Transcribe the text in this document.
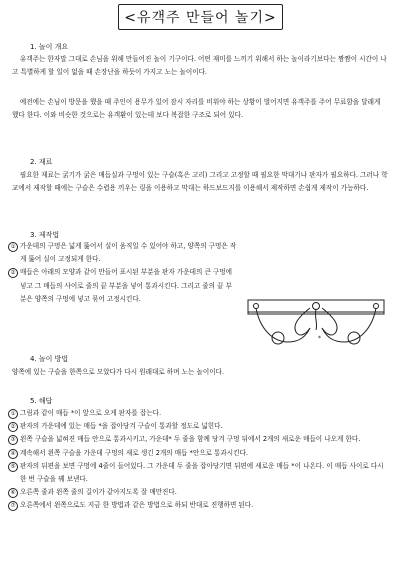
<유객주 만들어 놀기>
1. 놀이 개요

유객주는 한자말 그대로 손님을 위해 만들어진 놀이 기구이다. 어떤 재미를 느끼기 위해서 하는 놀이라기보다는 짬짬이 시간이 나고 특별하게 할 일이 없을 때 손장난을 하듯이 가지고 노는 놀이이다.

예전에는 손님이 방문을 했을 때 주인이 용무가 있어 잠시 자리를 비워야 하는 상황이 벌어지면 유객주를 주어 무료함을 달래게 했다 한다. 이와 비슷한 것으로는 유객환이 있는데 보다 복잡한 구조로 되어 있다.

2. 재료

필요한 재료는 굵기가 굵은 매듭실과 구멍이 있는 구슬(혹은 고리) 그리고 고정할 때 필요한 막대기나 판자가 필요하다. 그러나 학교에서 제작할 때에는 구슬은 수렵용 끼우는 링을 이용하고 막대는 하드보드지를 이용해서 제작하면 손쉽게 제작이 가능하다.

3. 제작법
① 가운데의 구멍은 넓게 뚫어서 실이 움직일 수 있어야 하고, 양쪽의 구멍은 작게 뚫어 실이 고정되게 한다.
② 매듭은 아래의 모양과 같이 만들어 표시된 부분을 판자 가운데의 큰 구멍에 넣고 그 매듭의 사이로 줄의 끝 부분을 넣어 통과시킨다. 그리고 줄의 끝 부분은 양쪽의 구멍에 넣고 묶어 고정시킨다.
*
4. 놀이 방법

양쪽에 있는 구슬을 한쪽으로 모았다가 다시 원래대로 하며 노는 놀이이다.

5. 해답
① 그림과 같이 매듭 *이 앞으로 오게 판자를 잡는다.
② 판자의 가운데에 있는 매듭 *을 잡아당겨 구슬이 통과할 정도로 넓힌다.
③ 왼쪽 구슬을 넓혀진 매듭 안으로 통과시키고, 가운데* 두 줄을 함께 당겨 구멍 뒤에서 2개의 새로운 매듭이 나오게 한다.
④ 계속해서 왼쪽 구슬을 가운데 구멍의 새로 생긴 2개의 매듭 *안으로 통과시킨다.
⑤ 판자의 뒤편을 보면 구멍에 4줄이 들어있다. 그 가운데 두 줄을 잡아당기면 뒤편에 새로운 매듭 *이 나온다. 이 매듭 사이로 다시 한 번 구슬을 꿰 보낸다.
⑥ 오른쪽 줄과 왼쪽 줄의 길이가 같아지도록 잘 매만진다.
⑦ 오른쪽에서 왼쪽으로도 지금 한 방법과 같은 방법으로 하되 반대로 진행하면 된다.
